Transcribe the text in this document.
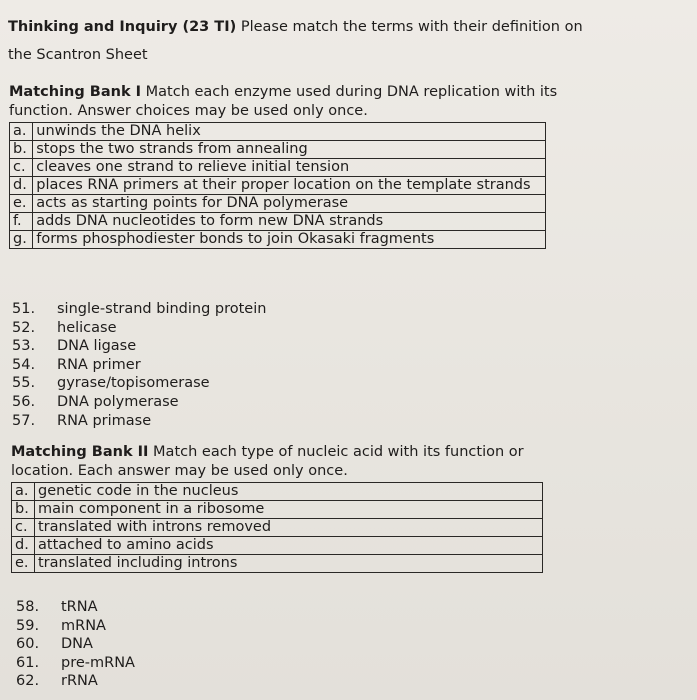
Thinking and Inquiry (23 TI) Please match the terms with their definition on
the Scantron Sheet
Matching Bank I Match each enzyme used during DNA replication with its
function. Answer choices may be used only once.
a.	unwinds the DNA helix
b.	stops the two strands from annealing
c.	cleaves one strand to relieve initial tension
d.	places RNA primers at their proper location on the template strands
e.	acts as starting points for DNA polymerase
f.	adds DNA nucleotides to form new DNA strands
g.	forms phosphodiester bonds to join Okasaki fragments
51. single-strand binding protein
52. helicase
53. DNA ligase
54. RNA primer
55. gyrase/topisomerase
56. DNA polymerase
57. RNA primase
Matching Bank II Match each type of nucleic acid with its function or
location. Each answer may be used only once.
a.	genetic code in the nucleus
b.	main component in a ribosome
c.	translated with introns removed
d.	attached to amino acids
e.	translated including introns
58. tRNA
59. mRNA
60. DNA
61. pre-mRNA
62. rRNA
